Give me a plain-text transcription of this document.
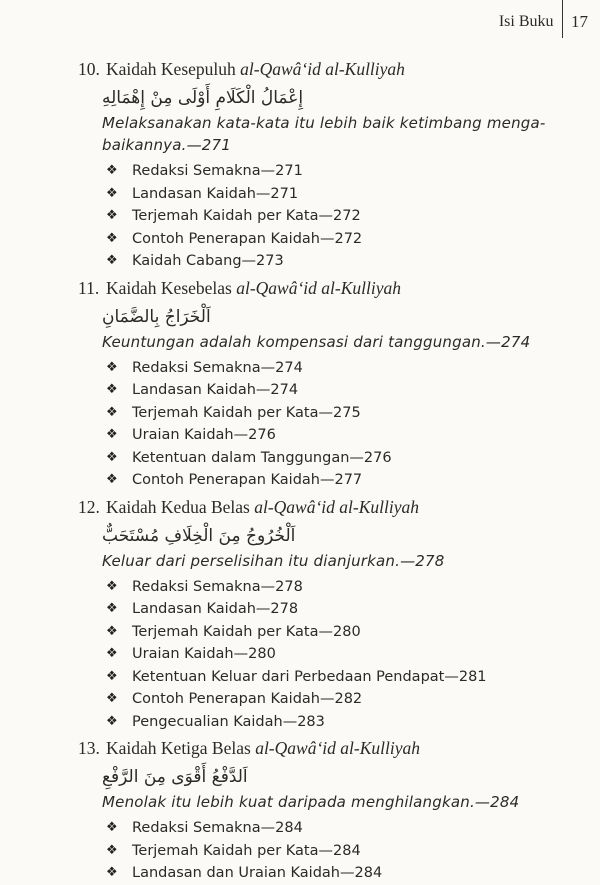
Isi Buku	17
10. Kaidah Kesepuluh al-Qawâ‘id al-Kulliyah
إِعْمَالُ الْكَلَامِ أَوْلَى مِنْ إِهْمَالِهِ
Melaksanakan kata-kata itu lebih baik ketimbang menga-baikannya.—271
❖ Redaksi Semakna—271
❖ Landasan Kaidah—271
❖ Terjemah Kaidah per Kata—272
❖ Contoh Penerapan Kaidah—272
❖ Kaidah Cabang—273
11. Kaidah Kesebelas al-Qawâ‘id al-Kulliyah
اَلْخَرَاجُ بِالضَّمَانِ
Keuntungan adalah kompensasi dari tanggungan.—274
❖ Redaksi Semakna—274
❖ Landasan Kaidah—274
❖ Terjemah Kaidah per Kata—275
❖ Uraian Kaidah—276
❖ Ketentuan dalam Tanggungan—276
❖ Contoh Penerapan Kaidah—277
12. Kaidah Kedua Belas al-Qawâ‘id al-Kulliyah
اَلْخُرُوجُ مِنَ الْخِلَافِ مُسْتَحَبٌّ
Keluar dari perselisihan itu dianjurkan.—278
❖ Redaksi Semakna—278
❖ Landasan Kaidah—278
❖ Terjemah Kaidah per Kata—280
❖ Uraian Kaidah—280
❖ Ketentuan Keluar dari Perbedaan Pendapat—281
❖ Contoh Penerapan Kaidah—282
❖ Pengecualian Kaidah—283
13. Kaidah Ketiga Belas al-Qawâ‘id al-Kulliyah
اَلدَّفْعُ أَقْوَى مِنَ الرَّفْعِ
Menolak itu lebih kuat daripada menghilangkan.—284
❖ Redaksi Semakna—284
❖ Terjemah Kaidah per Kata—284
❖ Landasan dan Uraian Kaidah—284
